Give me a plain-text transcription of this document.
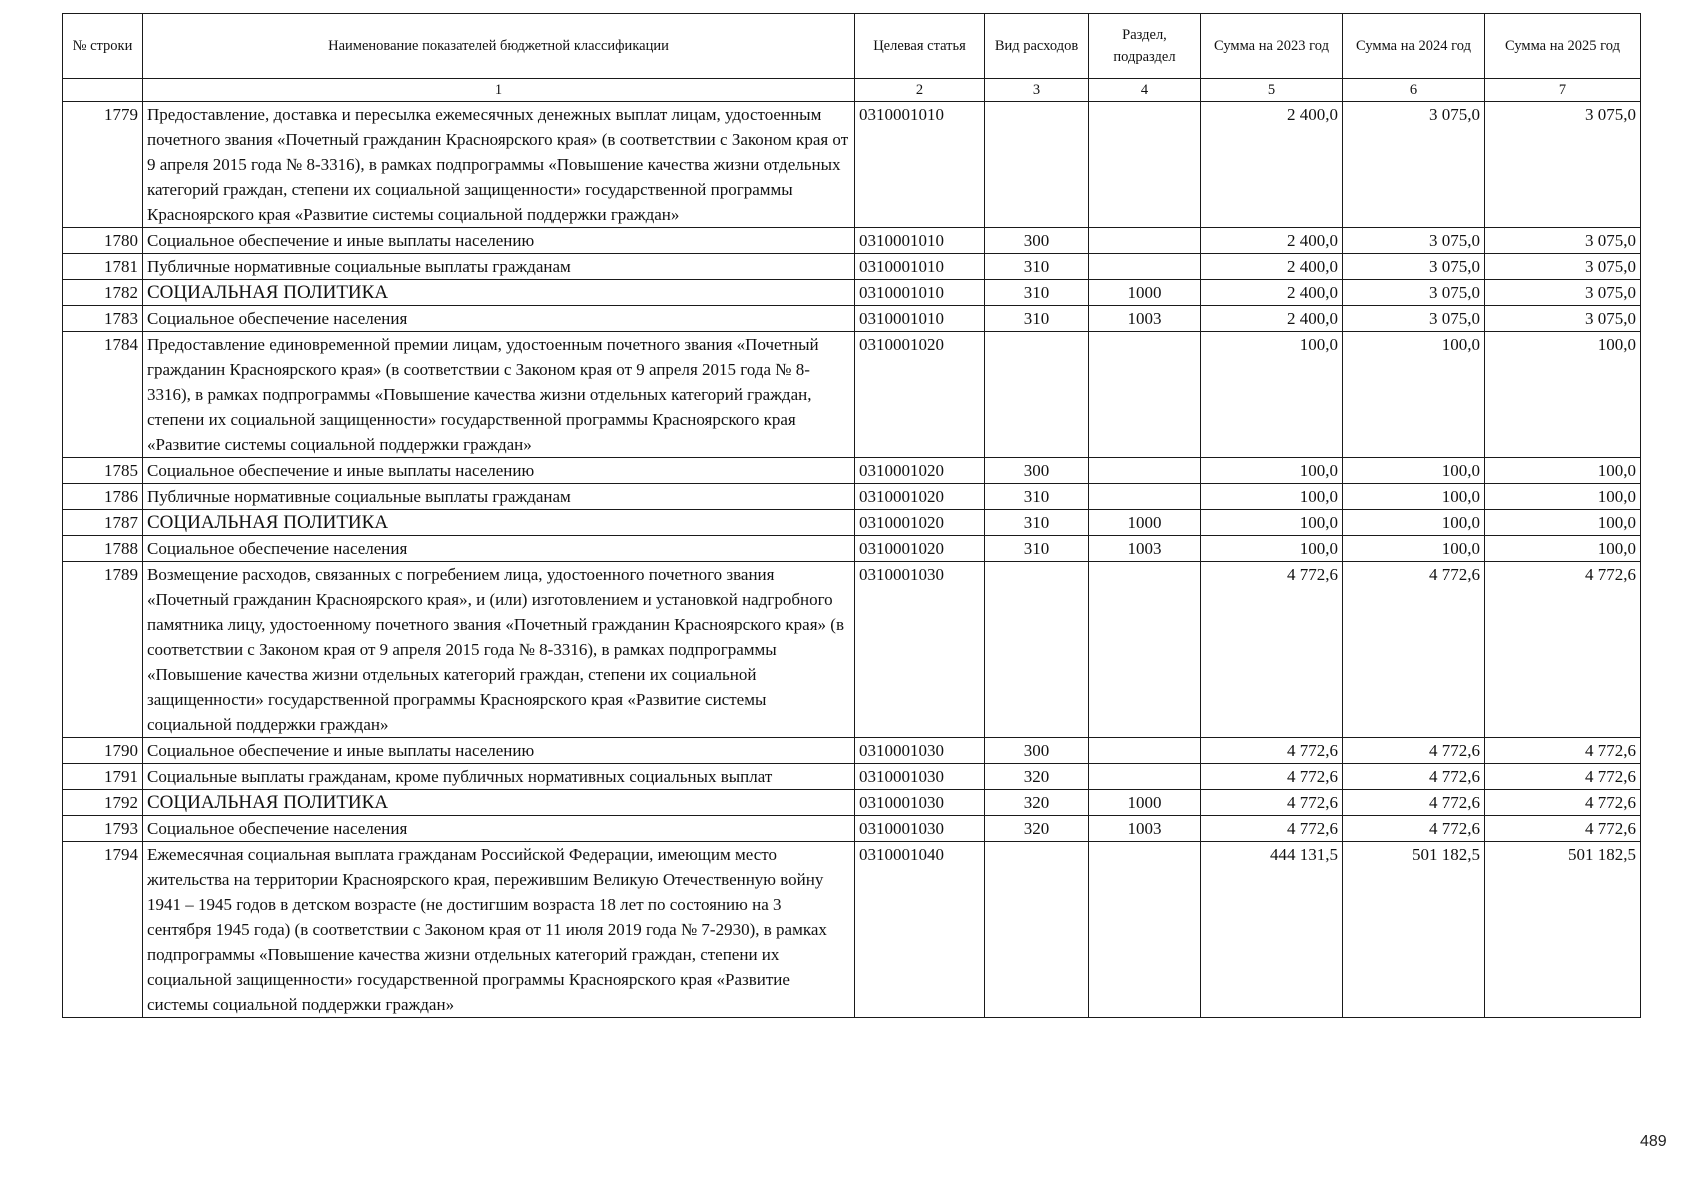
№ строки	Наименование показателей бюджетной классификации	Целевая статья	Вид расходов	Раздел, подраздел	Сумма на 2023 год	Сумма на 2024 год	Сумма на 2025 год
	1	2	3	4	5	6	7
1779	Предоставление, доставка и пересылка ежемесячных денежных выплат лицам, удостоенным почетного звания «Почетный гражданин Красноярского края» (в соответствии с Законом края от 9 апреля 2015 года № 8-3316), в рамках подпрограммы «Повышение качества жизни отдельных категорий граждан, степени их социальной защищенности» государственной программы Красноярского края «Развитие системы социальной поддержки граждан»	0310001010			2 400,0	3 075,0	3 075,0
1780	Социальное обеспечение и иные выплаты населению	0310001010	300		2 400,0	3 075,0	3 075,0
1781	Публичные нормативные социальные выплаты гражданам	0310001010	310		2 400,0	3 075,0	3 075,0
1782	СОЦИАЛЬНАЯ ПОЛИТИКА	0310001010	310	1000	2 400,0	3 075,0	3 075,0
1783	Социальное обеспечение населения	0310001010	310	1003	2 400,0	3 075,0	3 075,0
1784	Предоставление единовременной премии лицам, удостоенным почетного звания «Почетный гражданин Красноярского края» (в соответствии с Законом края от 9 апреля 2015 года № 8-3316), в рамках подпрограммы «Повышение качества жизни отдельных категорий граждан, степени их социальной защищенности» государственной программы Красноярского края «Развитие системы социальной поддержки граждан»	0310001020			100,0	100,0	100,0
1785	Социальное обеспечение и иные выплаты населению	0310001020	300		100,0	100,0	100,0
1786	Публичные нормативные социальные выплаты гражданам	0310001020	310		100,0	100,0	100,0
1787	СОЦИАЛЬНАЯ ПОЛИТИКА	0310001020	310	1000	100,0	100,0	100,0
1788	Социальное обеспечение населения	0310001020	310	1003	100,0	100,0	100,0
1789	Возмещение расходов, связанных с погребением лица, удостоенного почетного звания «Почетный гражданин Красноярского края», и (или) изготовлением и установкой надгробного памятника лицу, удостоенному почетного звания «Почетный гражданин Красноярского края» (в соответствии с Законом края от 9 апреля 2015 года № 8-3316), в рамках подпрограммы «Повышение качества жизни отдельных категорий граждан, степени их социальной защищенности» государственной программы Красноярского края «Развитие системы социальной поддержки граждан»	0310001030			4 772,6	4 772,6	4 772,6
1790	Социальное обеспечение и иные выплаты населению	0310001030	300		4 772,6	4 772,6	4 772,6
1791	Социальные выплаты гражданам, кроме публичных нормативных социальных выплат	0310001030	320		4 772,6	4 772,6	4 772,6
1792	СОЦИАЛЬНАЯ ПОЛИТИКА	0310001030	320	1000	4 772,6	4 772,6	4 772,6
1793	Социальное обеспечение населения	0310001030	320	1003	4 772,6	4 772,6	4 772,6
1794	Ежемесячная социальная выплата гражданам Российской Федерации, имеющим место жительства на территории Красноярского края, пережившим Великую Отечественную войну 1941 – 1945 годов в детском возрасте (не достигшим возраста 18 лет по состоянию на 3 сентября 1945 года) (в соответствии с Законом края от 11 июля 2019 года № 7-2930), в рамках подпрограммы «Повышение качества жизни отдельных категорий граждан, степени их социальной защищенности» государственной программы Красноярского края «Развитие системы социальной поддержки граждан»	0310001040			444 131,5	501 182,5	501 182,5
489
